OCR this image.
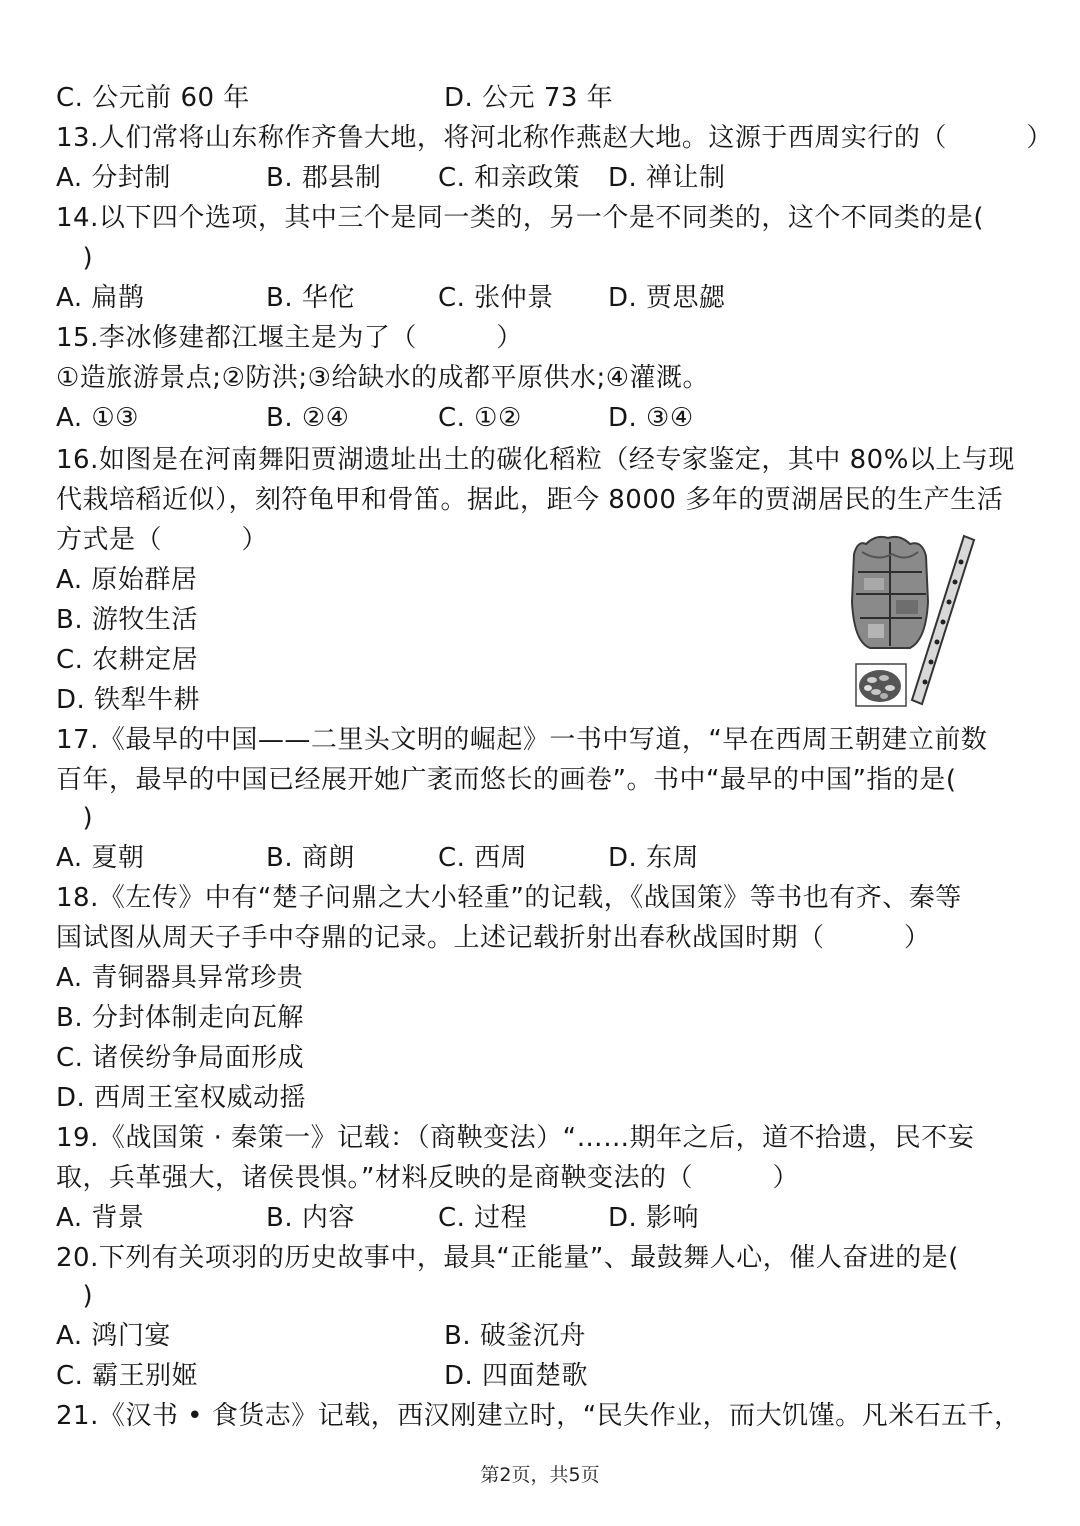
C. 公元前 60 年	D. 公元 73 年
13.人们常将山东称作齐鲁大地，将河北称作燕赵大地。这源于西周实行的（　　　）
A. 分封制	B. 郡县制 C. 和亲政策 D. 禅让制
14.以下四个选项，其中三个是同一类的，另一个是不同类的，这个不同类的是(
　)
A. 扁鹊	B. 华佗	C. 张仲景 D. 贾思勰
15.李冰修建都江堰主是为了（　　　）
①造旅游景点;②防洪;③给缺水的成都平原供水;④灌溉。
A. ①③	B. ②④	C. ①②	D. ③④
16.如图是在河南舞阳贾湖遗址出土的碳化稻粒（经专家鉴定，其中 80%以上与现
代栽培稻近似），刻符龟甲和骨笛。据此，距今 8000 多年的贾湖居民的生产生活
方式是（　　　）
A. 原始群居
B. 游牧生活
C. 农耕定居
D. 铁犁牛耕
17.《最早的中国——二里头文明的崛起》一书中写道，“早在西周王朝建立前数
百年，最早的中国已经展开她广袤而悠长的画卷”。书中“最早的中国”指的是(
　)
A. 夏朝	B. 商朗	C. 西周	D. 东周
18.《左传》中有“楚子问鼎之大小轻重”的记载，《战国策》等书也有齐、秦等
国试图从周天子手中夺鼎的记录。上述记载折射出春秋战国时期（　　　）
A. 青铜器具异常珍贵
B. 分封体制走向瓦解
C. 诸侯纷争局面形成
D. 西周王室权威动摇
19.《战国策 · 秦策一》记载：（商鞅变法）“……期年之后，道不拾遗，民不妄
取，兵革强大，诸侯畏惧。”材料反映的是商鞅变法的（　　　）
A. 背景	B. 内容	C. 过程	D. 影响
20.下列有关项羽的历史故事中，最具“正能量”、最鼓舞人心，催人奋进的是(
　)
A. 鸿门宴	B. 破釜沉舟
C. 霸王别姬	D. 四面楚歌
21.《汉书 • 食货志》记载，西汉刚建立时，“民失作业，而大饥馑。凡米石五千，
第2页，共5页
